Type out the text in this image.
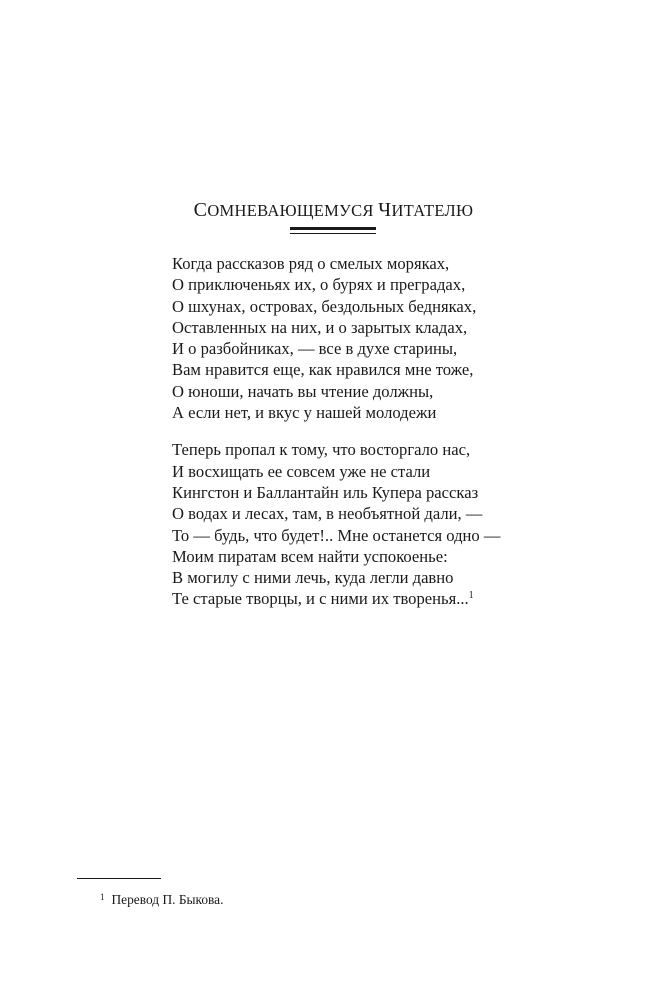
СОМНЕВАЮЩЕМУСЯ ЧИТАТЕЛЮ

Когда рассказов ряд о смелых моряках,
О приключеньях их, о бурях и преградах,
О шхунах, островах, бездольных бедняках,
Оставленных на них, и о зарытых кладах,
И о разбойниках, — все в духе старины,
Вам нравится еще, как нравился мне тоже,
О юноши, начать вы чтение должны,
А если нет, и вкус у нашей молодежи

Теперь пропал к тому, что восторгало нас,
И восхищать ее совсем уже не стали
Кингстон и Баллантайн иль Купера рассказ
О водах и лесах, там, в необъятной дали, —
То — будь, что будет!.. Мне останется одно —
Моим пиратам всем найти успокоенье:
В могилу с ними лечь, куда легли давно
Те старые творцы, и с ними их творенья...$^1$

$^1$ Перевод П. Быкова.
